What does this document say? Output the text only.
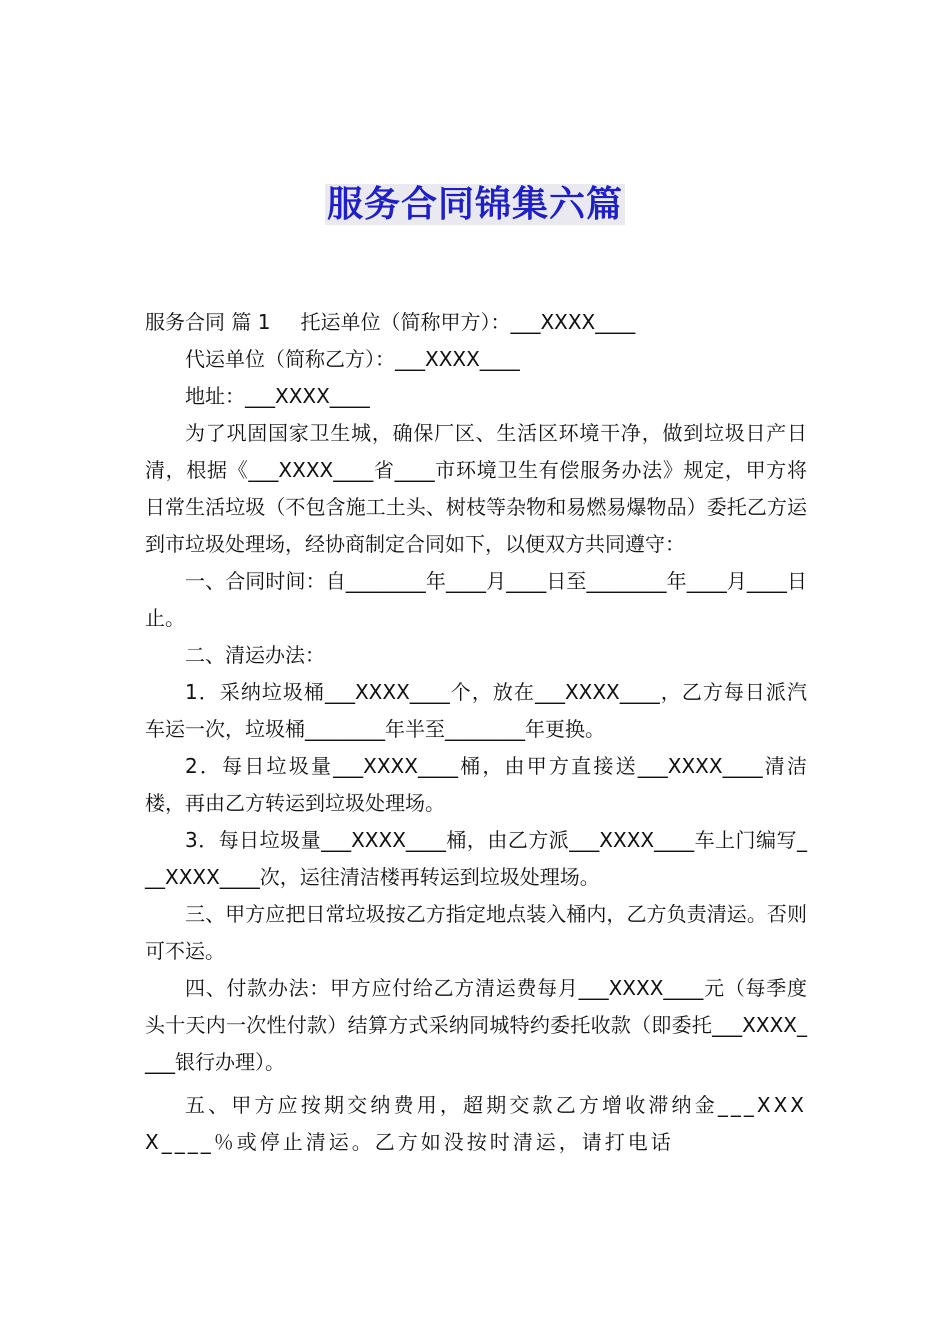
服务合同锦集六篇

服务合同 篇 1 托运单位（简称甲方）：___XXXX____

代运单位（简称乙方）：___XXXX____

地址：___XXXX____

为了巩固国家卫生城，确保厂区、生活区环境干净，做到垃圾日产日清，根据《___XXXX____省____市环境卫生有偿服务办法》规定，甲方将日常生活垃圾（不包含施工土头、树枝等杂物和易燃易爆物品）委托乙方运到市垃圾处理场，经协商制定合同如下，以便双方共同遵守：

一、合同时间：自________年____月____日至________年____月____日止。

二、清运办法：

1．采纳垃圾桶___XXXX____个，放在___XXXX____，乙方每日派汽车运一次，垃圾桶________年半至________年更换。

2．每日垃圾量___XXXX____桶，由甲方直接送___XXXX____清洁楼，再由乙方转运到垃圾处理场。

3．每日垃圾量___XXXX____桶，由乙方派___XXXX____车上门编写___XXXX____次，运往清洁楼再转运到垃圾处理场。

三、甲方应把日常垃圾按乙方指定地点装入桶内，乙方负责清运。否则可不运。

四、付款办法：甲方应付给乙方清运费每月___XXXX____元（每季度头十天内一次性付款）结算方式采纳同城特约委托收款（即委托___XXXX____银行办理）。

五、甲方应按期交纳费用，超期交款乙方增收滞纳金___XXXX____％或停止清运。乙方如没按时清运，请打电话
